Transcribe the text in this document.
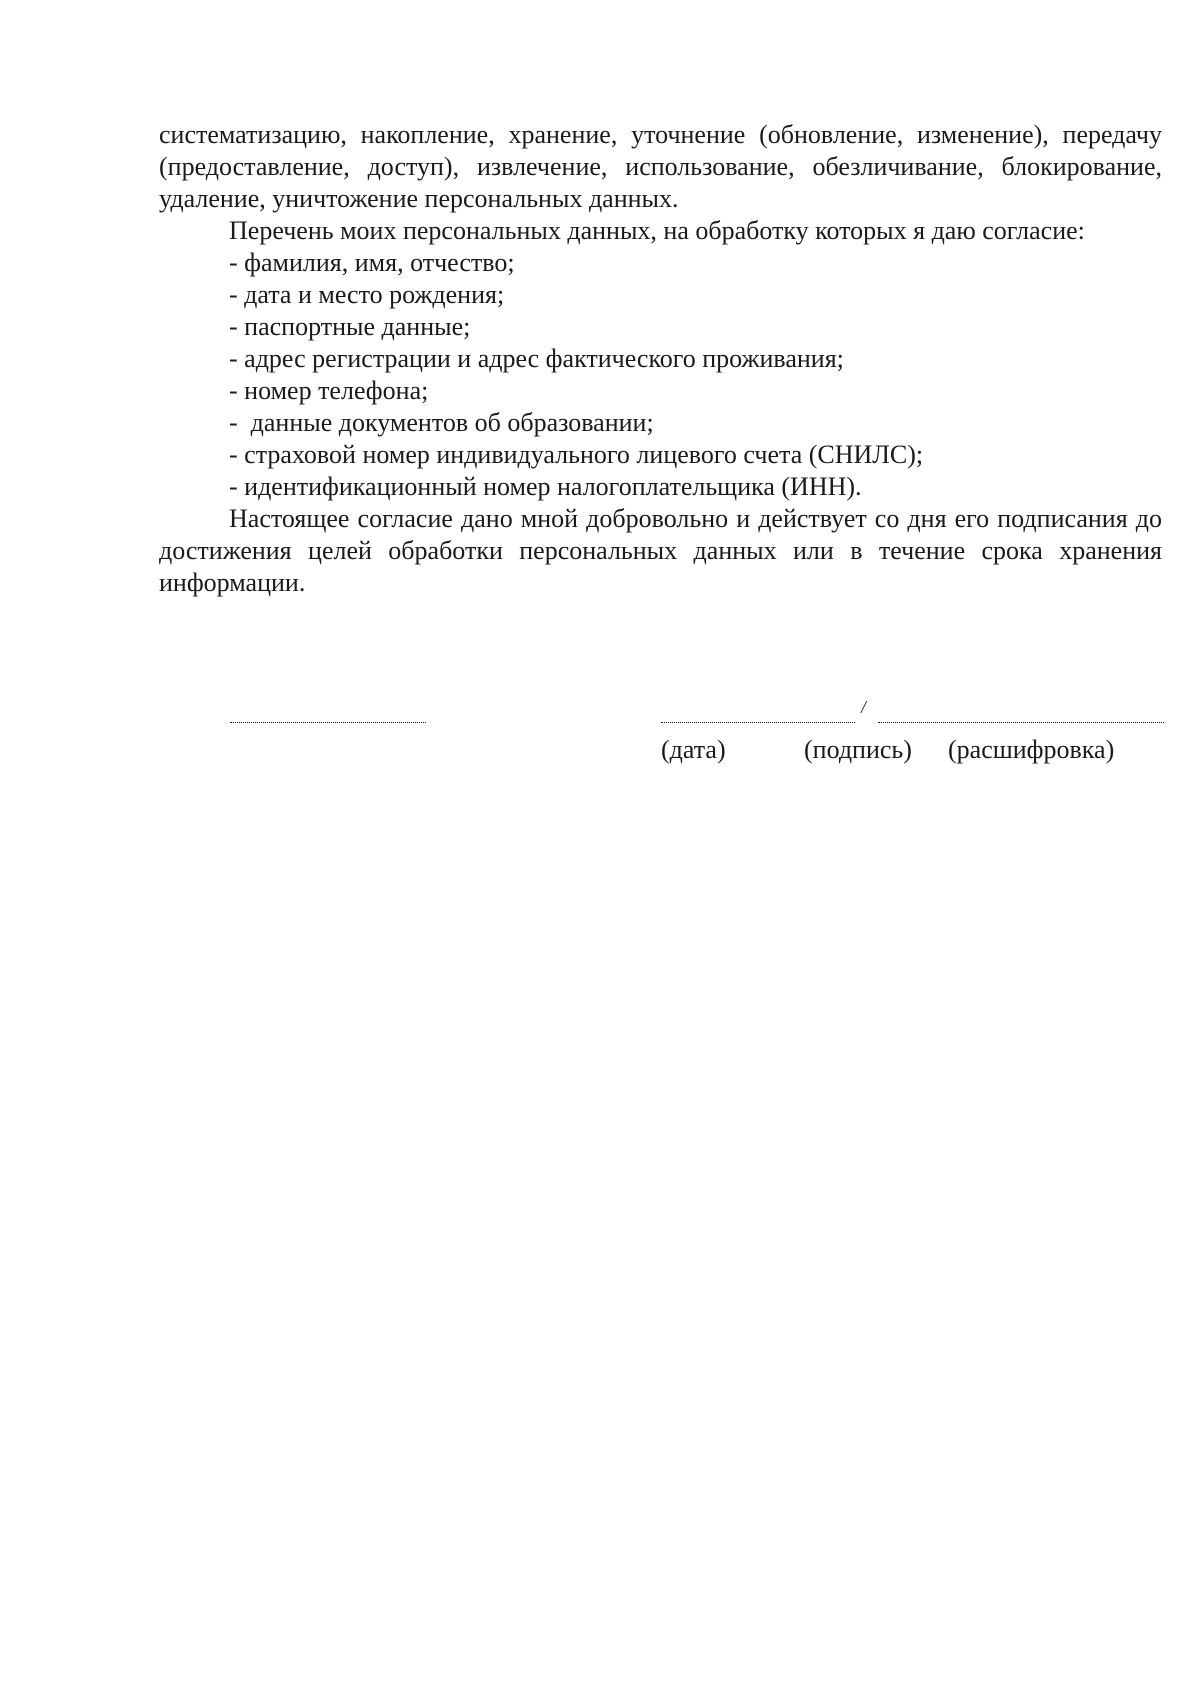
систематизацию, накопление, хранение, уточнение (обновление, изменение), передачу (предоставление, доступ), извлечение, использование, обезличивание, блокирование, удаление, уничтожение персональных данных.

Перечень моих персональных данных, на обработку которых я даю согласие:

- фамилия, имя, отчество;
- дата и место рождения;
- паспортные данные;
- адрес регистрации и адрес фактического проживания;
- номер телефона;
-  данные документов об образовании;
- страховой номер индивидуального лицевого счета (СНИЛС);
- идентификационный номер налогоплательщика (ИНН).

Настоящее согласие дано мной добровольно и действует со дня его подписания до достижения целей обработки персональных данных или в течение срока хранения информации.

/
(дата)	(подпись) (расшифровка)
